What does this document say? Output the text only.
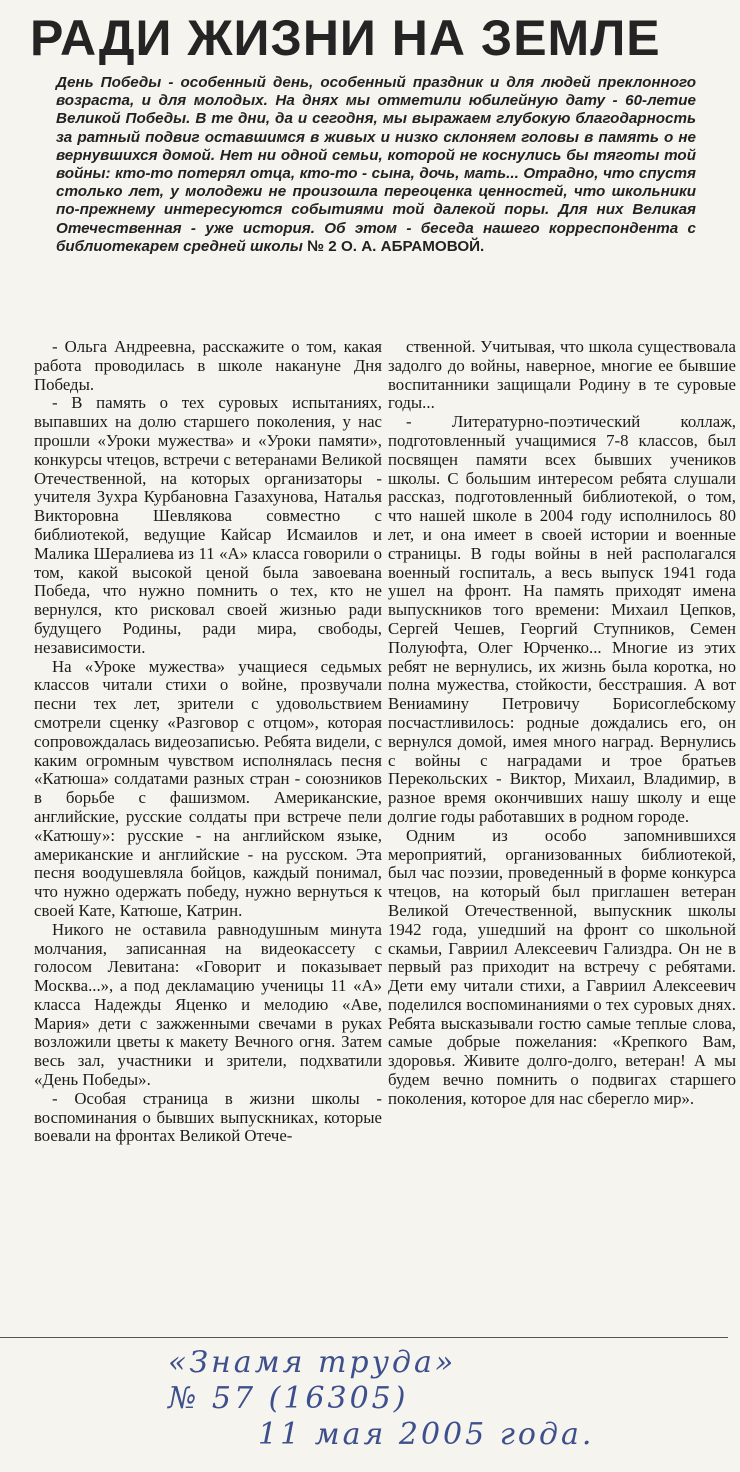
РАДИ ЖИЗНИ НА ЗЕМЛЕ
День Победы - особенный день, особенный праздник и для людей преклонного возраста, и для молодых. На днях мы отметили юбилейную дату - 60-летие Великой Победы. В те дни, да и сегодня, мы выражаем глубокую благодарность за ратный подвиг оставшимся в живых и низко склоняем головы в память о не вернувшихся домой. Нет ни одной семьи, которой не коснулись бы тяготы той войны: кто-то потерял отца, кто-то - сына, дочь, мать... Отрадно, что спустя столько лет, у молодежи не произошла переоценка ценностей, что школьники по-прежнему интересуются событиями той далекой поры. Для них Великая Отечественная - уже история. Об этом - беседа нашего корреспондента с библиотекарем средней школы № 2 О. А. АБРАМОВОЙ.

- Ольга Андреевна, расскажите о том, какая работа проводилась в школе накануне Дня Победы.

- В память о тех суровых испытаниях, выпавших на долю старшего поколения, у нас прошли «Уроки мужества» и «Уроки памяти», конкурсы чтецов, встречи с ветеранами Великой Отечественной, на которых организаторы - учителя Зухра Курбановна Газахунова, Наталья Викторовна Шевлякова совместно с библиотекой, ведущие Кайсар Исмаилов и Малика Шералиева из 11 «А» класса говорили о том, какой высокой ценой была завоевана Победа, что нужно помнить о тех, кто не вернулся, кто рисковал своей жизнью ради будущего Родины, ради мира, свободы, независимости.

На «Уроке мужества» учащиеся седьмых классов читали стихи о войне, прозвучали песни тех лет, зрители с удовольствием смотрели сценку «Разговор с отцом», которая сопровождалась видеозаписью. Ребята видели, с каким огромным чувством исполнялась песня «Катюша» солдатами разных стран - союзников в борьбе с фашизмом. Американские, английские, русские солдаты при встрече пели «Катюшу»: русские - на английском языке, американские и английские - на русском. Эта песня воодушевляла бойцов, каждый понимал, что нужно одержать победу, нужно вернуться к своей Кате, Катюше, Катрин.

Никого не оставила равнодушным минута молчания, записанная на видеокассету с голосом Левитана: «Говорит и показывает Москва...», а под декламацию ученицы 11 «А» класса Надежды Яценко и мелодию «Аве, Мария» дети с зажженными свечами в руках возложили цветы к макету Вечного огня. Затем весь зал, участники и зрители, подхватили «День Победы».

- Особая страница в жизни школы - воспоминания о бывших выпускниках, которые воевали на фронтах Великой Отече-

ственной. Учитывая, что школа существовала задолго до войны, наверное, многие ее бывшие воспитанники защищали Родину в те суровые годы...

- Литературно-поэтический коллаж, подготовленный учащимися 7-8 классов, был посвящен памяти всех бывших учеников школы. С большим интересом ребята слушали рассказ, подготовленный библиотекой, о том, что нашей школе в 2004 году исполнилось 80 лет, и она имеет в своей истории и военные страницы. В годы войны в ней располагался военный госпиталь, а весь выпуск 1941 года ушел на фронт. На память приходят имена выпускников того времени: Михаил Цепков, Сергей Чешев, Георгий Ступников, Семен Полуюфта, Олег Юрченко... Многие из этих ребят не вернулись, их жизнь была коротка, но полна мужества, стойкости, бесстрашия. А вот Вениамину Петровичу Борисоглебскому посчастливилось: родные дождались его, он вернулся домой, имея много наград. Вернулись с войны с наградами и трое братьев Перекольских - Виктор, Михаил, Владимир, в разное время окончивших нашу школу и еще долгие годы работавших в родном городе.

Одним из особо запомнившихся мероприятий, организованных библиотекой, был час поэзии, проведенный в форме конкурса чтецов, на который был приглашен ветеран Великой Отечественной, выпускник школы 1942 года, ушедший на фронт со школьной скамьи, Гавриил Алексеевич Гализдра. Он не в первый раз приходит на встречу с ребятами. Дети ему читали стихи, а Гавриил Алексеевич поделился воспоминаниями о тех суровых днях. Ребята высказывали гостю самые теплые слова, самые добрые пожелания: «Крепкого Вам, здоровья. Живите долго-долго, ветеран! А мы будем вечно помнить о подвигах старшего поколения, которое для нас сберегло мир».

«Знамя труда»
№ 57 (16305)
11 мая 2005 года.
